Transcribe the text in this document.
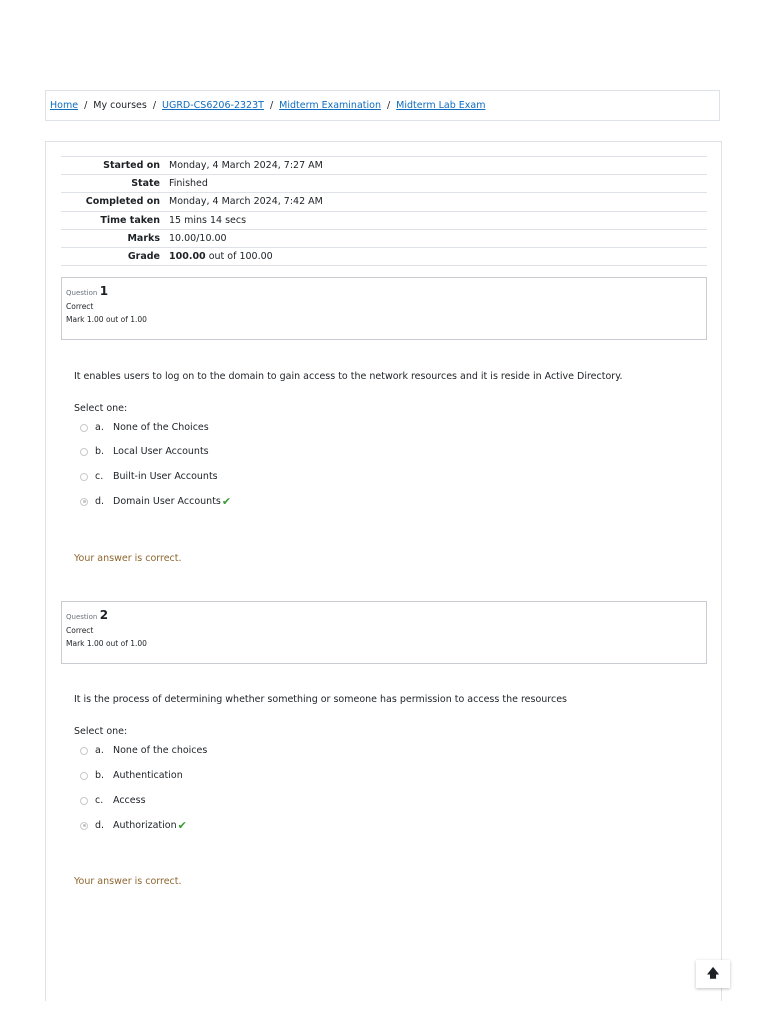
Home / My courses / UGRD-CS6206-2323T / Midterm Examination / Midterm Lab Exam
Started on	Monday, 4 March 2024, 7:27 AM
State	Finished
Completed on	Monday, 4 March 2024, 7:42 AM
Time taken	15 mins 14 secs
Marks	10.00/10.00
Grade	100.00 out of 100.00
Question 1
Correct
Mark 1.00 out of 1.00
It enables users to log on to the domain to gain access to the network resources and it is reside in Active Directory.
Select one:
a. None of the Choices
b. Local User Accounts
c.	Built-in User Accounts
d. Domain User Accounts ✔
Your answer is correct.
Question 2
Correct
Mark 1.00 out of 1.00
It is the process of determining whether something or someone has permission to access the resources
Select one:
a. None of the choices
b. Authentication
c.	Access
d. Authorization ✔
Your answer is correct.
🡅
